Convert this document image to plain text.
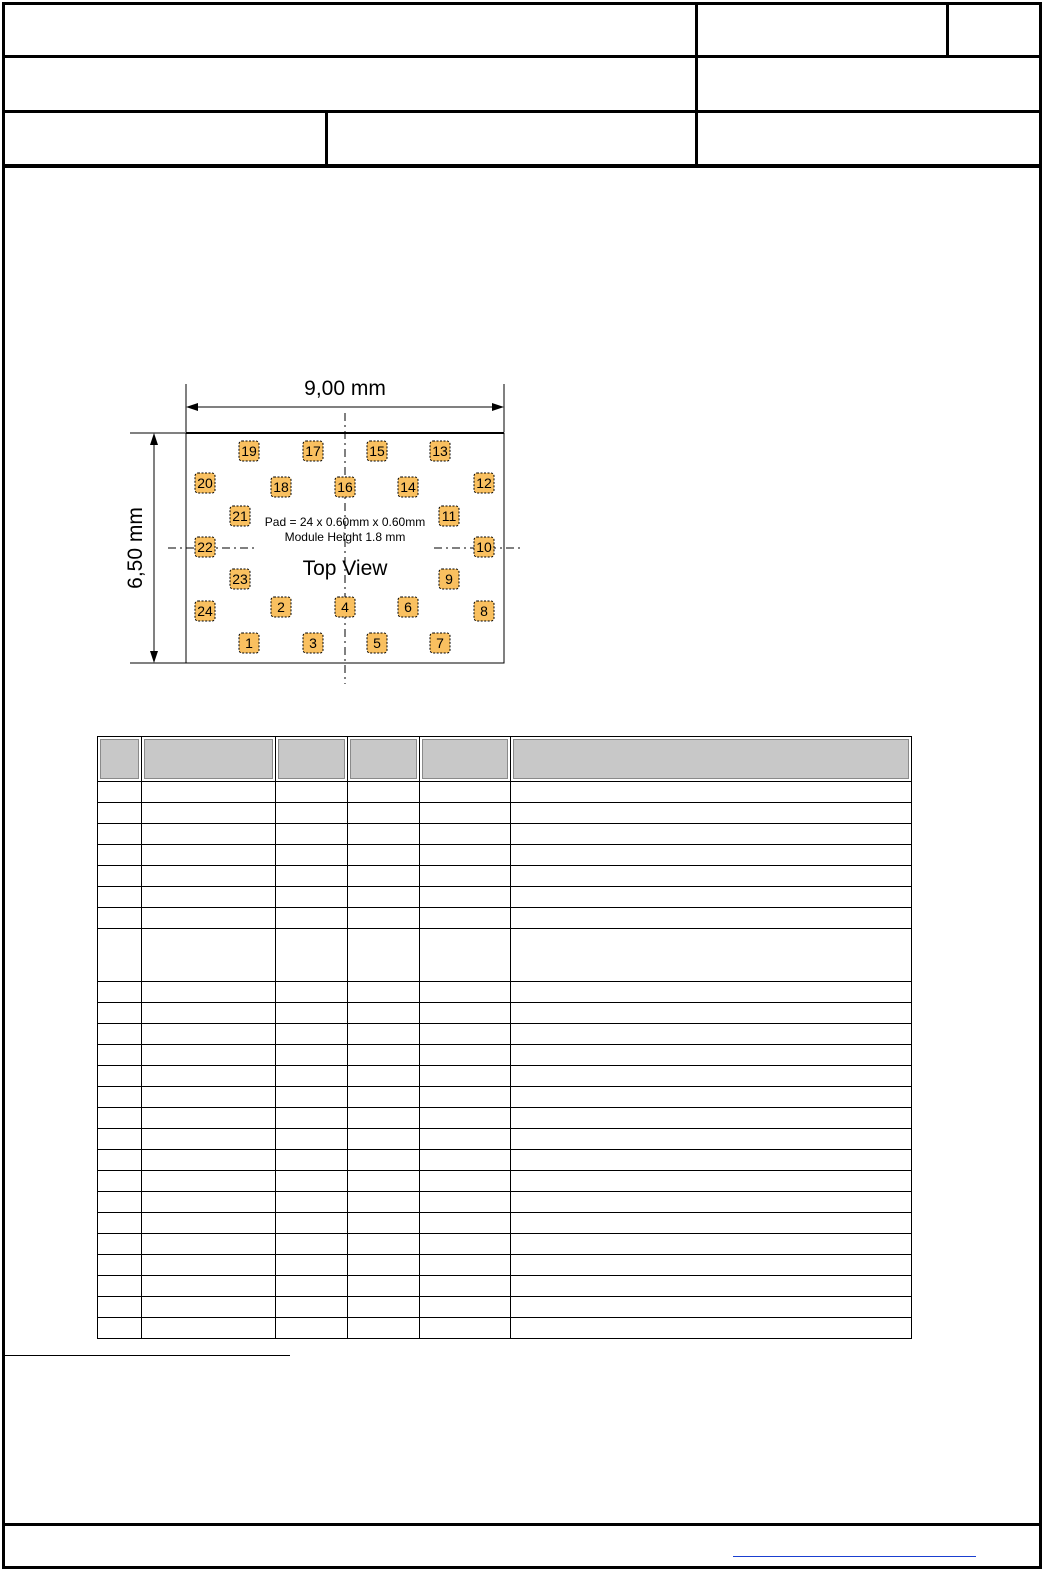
9,00 mm
6,50 mm
1
2
3
4
5
6
7
8
9
10
11
12
13
14
15
16
17
18
19
20
21
22
23
24
Pad = 24 x 0.60mm x 0.60mm
Module Height 1.8 mm
Top View
